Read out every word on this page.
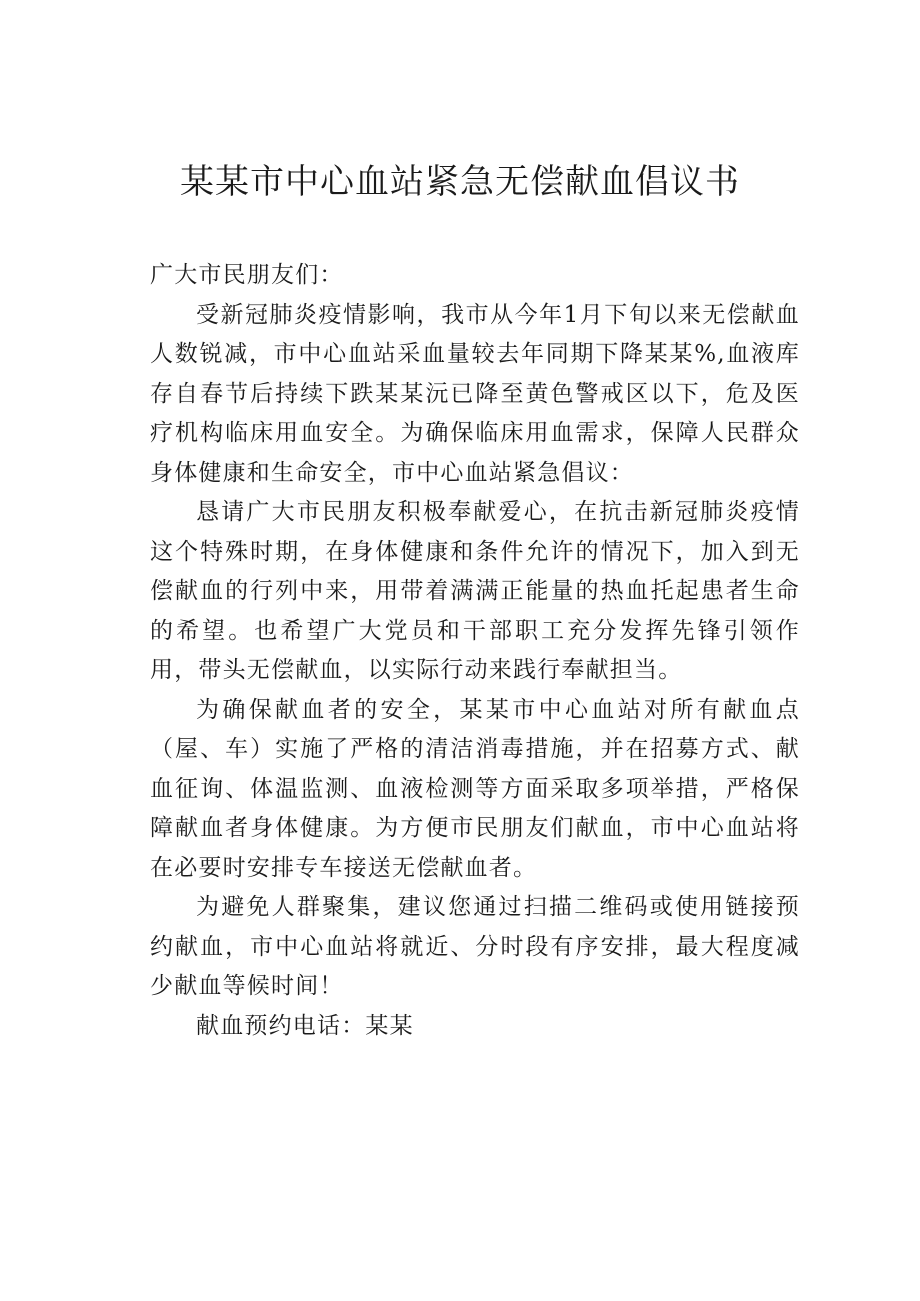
某某市中心血站紧急无偿献血倡议书

广大市民朋友们：

受新冠肺炎疫情影响，我市从今年1月下旬以来无偿献血人数锐减，市中心血站采血量较去年同期下降某某%,血液库存自春节后持续下跌某某沅已降至黄色警戒区以下，危及医疗机构临床用血安全。为确保临床用血需求，保障人民群众身体健康和生命安全，市中心血站紧急倡议：

恳请广大市民朋友积极奉献爱心，在抗击新冠肺炎疫情这个特殊时期，在身体健康和条件允许的情况下，加入到无偿献血的行列中来，用带着满满正能量的热血托起患者生命的希望。也希望广大党员和干部职工充分发挥先锋引领作用，带头无偿献血，以实际行动来践行奉献担当。

为确保献血者的安全，某某市中心血站对所有献血点（屋、车）实施了严格的清洁消毒措施，并在招募方式、献血征询、体温监测、血液检测等方面采取多项举措，严格保障献血者身体健康。为方便市民朋友们献血，市中心血站将在必要时安排专车接送无偿献血者。

为避免人群聚集，建议您通过扫描二维码或使用链接预约献血，市中心血站将就近、分时段有序安排，最大程度减少献血等候时间！

献血预约电话：某某
